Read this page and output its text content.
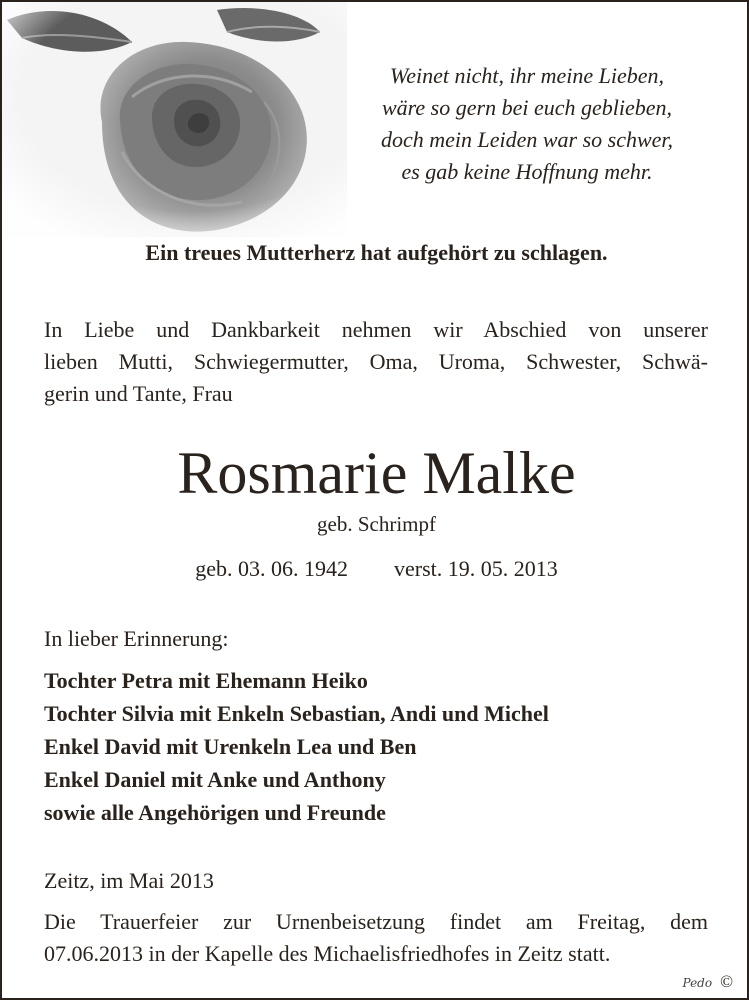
Weinet nicht, ihr meine Lieben,
wäre so gern bei euch geblieben,
doch mein Leiden war so schwer,
es gab keine Hoffnung mehr.
Ein treues Mutterherz hat aufgehört zu schlagen.
In Liebe und Dankbarkeit nehmen wir Abschied von unserer
lieben Mutti, Schwiegermutter, Oma, Uroma, Schwester, Schwä-
gerin und Tante, Frau
Rosmarie Malke
geb. Schrimpf
geb. 03. 06. 1942 verst. 19. 05. 2013
In lieber Erinnerung:
Tochter Petra mit Ehemann Heiko
Tochter Silvia mit Enkeln Sebastian, Andi und Michel
Enkel David mit Urenkeln Lea und Ben
Enkel Daniel mit Anke und Anthony
sowie alle Angehörigen und Freunde
Zeitz, im Mai 2013
Die Trauerfeier zur Urnenbeisetzung findet am Freitag, dem
07.06.2013 in der Kapelle des Michaelisfriedhofes in Zeitz statt.
Pedo ©
